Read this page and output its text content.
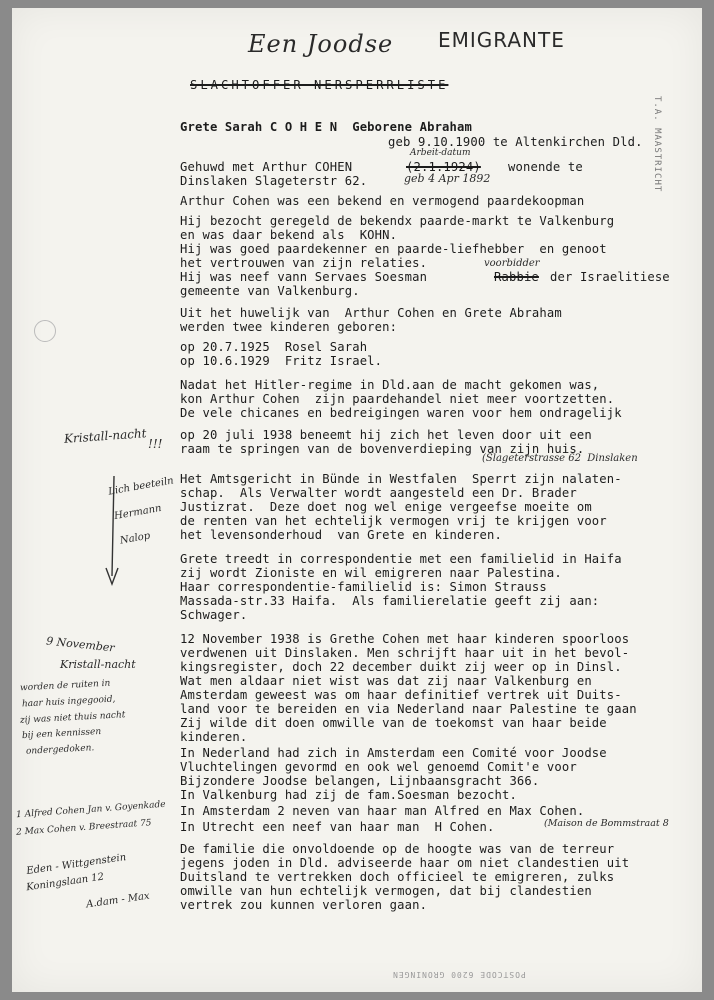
T.A. MAASTRICHT
POSTCODE 6200 GRONINGEN
Een Joodse EMIGRANTE
SLACHTOFFER NERSPERRLISTE
Grete Sarah C O H E N  Geborene Abraham
geb 9.10.1900 te Altenkirchen Dld.
Gehuwd met Arthur COHEN
Arbeit-datum
(2.1.1924) wonende te
Dinslaken Slageterstr 62.	geb 4 Apr 1892
Arthur Cohen was een bekend en vermogend paardekoopman
Hij bezocht geregeld de bekendx paarde-markt te Valkenburg
en was daar bekend als  KOHN.
Hij was goed paardekenner en paarde-liefhebber  en genoot
het vertrouwen van zijn relaties.	voorbidder
Hij was neef vann Servaes Soesman	Rabbie der Israelitiese
gemeente van Valkenburg.
Uit het huwelijk van  Arthur Cohen en Grete Abraham
werden twee kinderen geboren:
op 20.7.1925  Rosel Sarah
op 10.6.1929  Fritz Israel.
Nadat het Hitler-regime in Dld.aan de macht gekomen was,
kon Arthur Cohen  zijn paardehandel niet meer voortzetten.
De vele chicanes en bedreigingen waren voor hem ondragelijk
op 20 juli 1938 beneemt hij zich het leven door uit een
raam te springen van de bovenverdieping van zijn huis.
(Slageterstrasse 62  Dinslaken
Het Amtsgericht in Bünde in Westfalen  Sperrt zijn nalaten-
schap.  Als Verwalter wordt aangesteld een Dr. Brader
Justizrat.  Deze doet nog wel enige vergeefse moeite om
de renten van het echtelijk vermogen vrij te krijgen voor
het levensonderhoud  van Grete en kinderen.
Grete treedt in correspondentie met een familielid in Haifa
zij wordt Zioniste en wil emigreren naar Palestina.
Haar correspondentie-familielid is: Simon Strauss
Massada-str.33 Haifa.  Als familierelatie geeft zij aan:
Schwager.
12 November 1938 is Grethe Cohen met haar kinderen spoorloos
verdwenen uit Dinslaken. Men schrijft haar uit in het bevol-
kingsregister, doch 22 december duikt zij weer op in Dinsl.
Wat men aldaar niet wist was dat zij naar Valkenburg en
Amsterdam geweest was om haar definitief vertrek uit Duits-
land voor te bereiden en via Nederland naar Palestine te gaan
Zij wilde dit doen omwille van de toekomst van haar beide
kinderen.
In Nederland had zich in Amsterdam een Comité voor Joodse
Vluchtelingen gevormd en ook wel genoemd Comit'e voor
Bijzondere Joodse belangen, Lijnbaansgracht 366.
In Valkenburg had zij de fam.Soesman bezocht.
In Amsterdam 2 neven van haar man Alfred en Max Cohen.
In Utrecht een neef van haar man  H Cohen.	(Maison de Bommstraat 8
De familie die onvoldoende op de hoogte was van de terreur
jegens joden in Dld. adviseerde haar om niet clandestien uit
Duitsland te vertrekken doch officieel te emigreren, zulks
omwille van hun echtelijk vermogen, dat bij clandestien
vertrek zou kunnen verloren gaan.
Kristall-nacht !!!
Lich beeteiln
Hermann
Nalop
9 November
Kristall-nacht
worden de ruiten in
haar huis ingegooid,
zij was niet thuis nacht
bij een kennissen
ondergedoken.
1 Alfred Cohen Jan v. Goyenkade
2 Max Cohen v. Breestraat 75
Eden - Wittgenstein
Koningslaan 12
A.dam - Max
